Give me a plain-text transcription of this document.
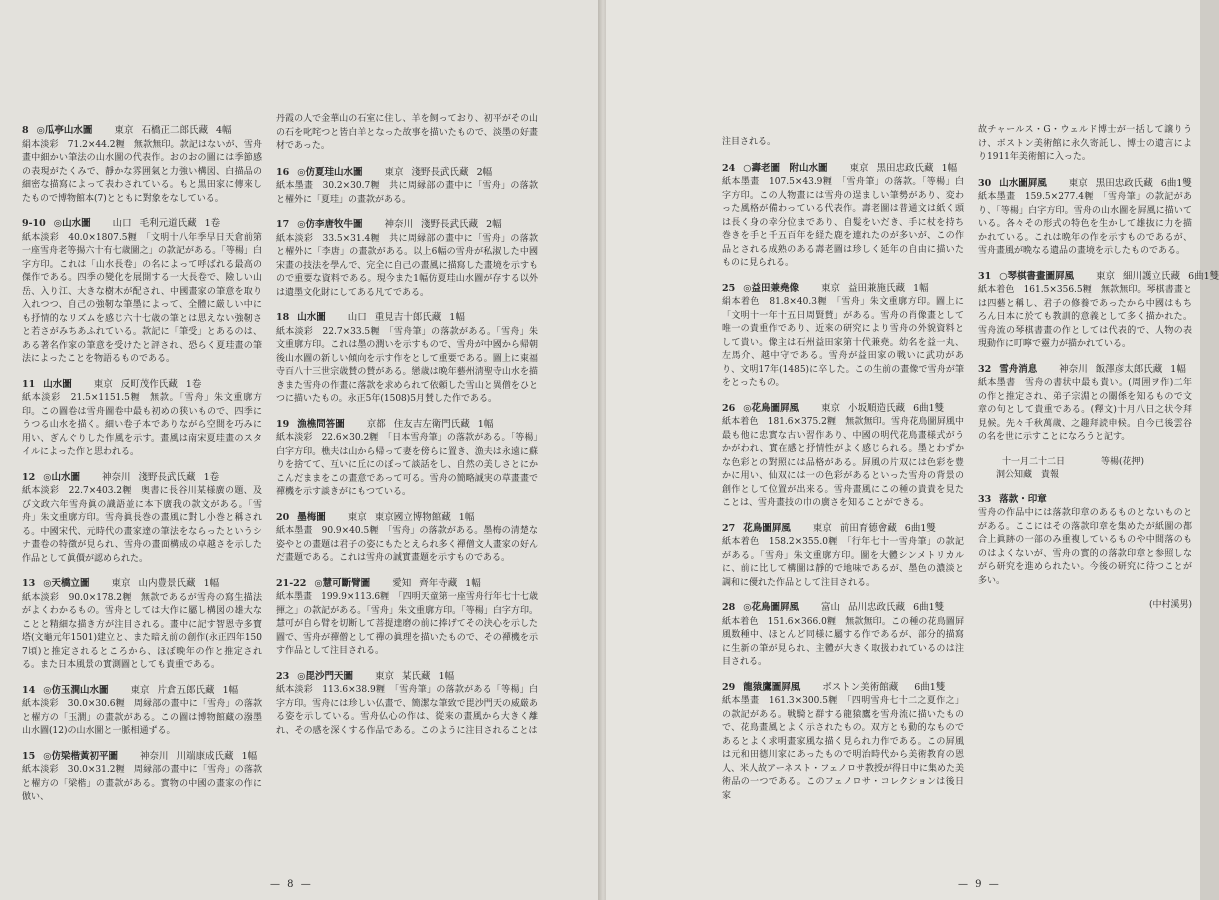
8 ◎瓜亭山水圖 東京 石橋正二郎氏藏 4幅
絹本淡彩　71.2×44.2糎　無款無印。款記はないが、雪舟畫中細かい筆法の山水圖の代表作。おのおの圖には季節感の表現がたくみで、靜かな雰囲氣と力強い構図、白描品の細密な描寫によって表わされている。もと黒田家に傳來したもので博物館本(7)とともに對象をなしている。
9-10 ◎山水圖 山口 毛利元道氏藏 1卷
紙本淡彩　40.0×1807.5糎　「文明十八年季早日天倉前第一座雪舟老等揚六十有七歳圖之」の款記がある。「等楊」白字方印。これは「山水長卷」の名によって呼ばれる最高の傑作である。四季の變化を展開する一大長卷で、險しい山岳、入り江、大きな樹木が配され、中國畫家の筆意を取り入れつつ、自己の強靭な筆墨によって、全體に厳しい中にも抒情的なリズムを感じ六十七歳の筆とは思えない強靭さと若さがみちあふれている。款記に「筆受」とあるのは、ある著名作家の筆意を受けたと評され、恐らく夏珪畫の筆法によったことを物語るものである。
11 山水圖 東京 反町茂作氏藏 1卷
紙本淡彩　21.5×1151.5糎　無款。「雪舟」朱文重廓方印。この圖卷は雪舟圖卷中最も初めの狭いもので、四季にうつる山水を描く。細い卷子本でありながら空間を巧みに用い、ぎんぐりした作風を示す。畫風は南宋夏珪畫のスタイルによった作と思われる。
12 ◎山水圖 神奈川 淺野長武氏藏 1卷
紙本淡彩　22.7×403.2糎　奥書に長谷川某様廣の題、及び文政六年雪舟眞の識語並に本下廣我の款文がある。「雪舟」朱文重廓方印。雪舟眞長巻の畫風に對し小巻と稱される。中國宋代、元時代の畫家達の筆法をならったというシナ畫卷の特徴が見られ、雪舟の畫面構成の卓越さを示した作品として眞價が認められた。
13 ◎天橋立圖 東京 山内豊景氏藏 1幅
紙本淡彩　90.0×178.2糎　無款であるが雪舟の寫生描法がよくわかるもの。雪舟としては大作に屬し構図の雄大なことと精細な描き方が注目される。畫中に記す智恩寺多寶塔(文龜元年1501)建立と、また暗え前の創作(永正四年1507頃)と推定されるところから、ほぼ晩年の作と推定される。また日本風景の實測圖としても貴重である。
14 ◎仿玉澗山水圖 東京 片倉五郎氏藏 1幅
紙本淡彩　30.0×30.6糎　周縁部の畫中に「雪舟」の落款と櫂方の「玉澗」の畫款がある。この圖は博物館藏の潑墨山水圖(12)の山水圖と一脈相通ずる。
15 ◎仿梁楷黃初平圖 神奈川 川端康成氏藏 1幅
紙本淡彩　30.0×31.2糎　周縁部の畫中に「雪舟」の落款と櫂方の「梁楷」の畫款がある。實物の中國の畫家の作に倣い、
丹霞の人で金華山の石室に住し、羊を飼っており、初平がその山の石を叱咤つと皆白羊となった故事を描いたもので、淡墨の好畫材であった。
16 ◎仿夏珪山水圖 東京 淺野長武氏藏 2幅
紙本墨畫　30.2×30.7糎　共に周縁部の畫中に「雪舟」の落款と櫂外に「夏珪」の畫款がある。
17 ◎仿李唐牧牛圖 神奈川 淺野長武氏藏 2幅
紙本淡彩　33.5×31.4糎　共に周縁部の畫中に「雪舟」の落款と櫂外に「李唐」の畫款がある。以上6幅の雪舟が私淑した中國宋畫の技法を學んで、完全に自己の畫風に描寫した畫境を示すもので重要な資料である。現今また1幅仿夏珪山水圖が存する以外は遺墨文化財にしてある凡てである。
18 山水圖 山口 重見吉十郎氏藏 1幅
紙本淡彩　22.7×33.5糎　「雪舟筆」の落款がある。「雪舟」朱文重廓方印。これは墨の潤いを示すもので、雪舟が中國から帰朝後山水圖の新しい傾向を示す作をとして重要である。圖上に東福寺百八十三世宗歳賛の賛がある。戀歳は晩年藝州淸聖寺山水を描きまた雪舟の作畫に落款を求められて依頼した雪山と異僧をひとつに描いたもの。永正5年(1508)5月賛した作である。
19 漁樵問答圖 京都 住友吉左衛門氏藏 1幅
紙本淡彩　22.6×30.2糎　「日本雪舟筆」の落款がある。「等楊」白字方印。樵夫は山から帰って妻を傍らに置き、漁夫は永遠に蘇りを捨てて、互いに丘にのぼって談話をし、自然の美しさとにかこんだままをこの畫意であって可る。雪舟の簡略誠実の草畫畫で禪機を示す談きがにもつている。
20 墨梅圖 東京 東京國立博物館藏 1幅
紙本墨畫　90.9×40.5糎　「雪舟」の落款がある。墨梅の清楚な姿やとの畫題は君子の姿にもたとえられ多く禪僧文人畫家の好んだ畫題である。これは雪舟の誠實畫題を示すものである。
21-22 ◎慧可斷臂圖 愛知 齊年寺藏 1幅
紙本墨畫　199.9×113.6糎　「四明天童第一座雪舟行年七十七歳揮之」の款記がある。「雪舟」朱文重廓方印。「等楊」白字方印。慧可が自ら臂を切断して菩提達磨の前に捧げてその決心を示した圖で、雪舟が禪僧として禪の眞理を描いたもので、その禪機を示す作品として注目される。
23 ◎毘沙門天圖 東京 某氏藏 1幅
紙本淡彩　113.6×38.9糎　「雪舟筆」の落款がある「等楊」白字方印。雪舟には珍しい仏畫で、簡潔な筆致で毘沙門天の威厳ある姿を示している。雪舟仏心の作は、從來の畫風から大きく離れ、その感を深くする作品である。このように注目されることは
— 8 —
注目される。
24 ○壽老圖　附山水圖 東京 黒田忠政氏藏 1幅
紙本墨畫　107.5×43.9糎　「雪舟筆」の落款。「等楊」白字方印。この人物畫には雪舟の逞ましい筆勢があり、変わった風格が備わっている代表作。壽老圖は普通文は紙く頭は長く身の幸分位まであり、自髮をいだき、手に杖を持ち巻きを手と千五百年を経た鹿を連れたのが多いが、この作品とされる成熟のある壽老圖は珍しく延年の自由に描いたものに見られる。
25 ◎益田兼堯像 東京 益田兼施氏藏 1幅
絹本着色　81.8×40.3糎　「雪舟」朱文重廓方印。圖上に「文明十一年十五日周賢賛」がある。雪舟の肖像畫として唯一の貴重作であり、近來の研究により雪舟の外貌資料として貴い。像主は石州益田家第十代兼堯。幼名を益一丸、左馬介、越中守である。雪舟が益田家の戦いに武功があり、文明17年(1485)に卒した。この生前の畫像で雪舟が筆をとったもの。
26 ◎花鳥圖屛風 東京 小坂順造氏藏 6曲1雙
紙本着色　181.6×375.2糎　無款無印。雪舟花鳥圖屛風中最も他に忠實な古い習作あり、中國の明代花鳥畫様式がうかがわれ、實在感と抒情性がよく感じられる。墨とわずかな色彩との對照には品格がある。屛風の片双には色彩を豊かに用い、仙双には一の色彩があるといった雪舟の背景の創作として位置が出来る。雪舟畫風にこの種の貴貴を見たことは、雪舟畫技の巾の廣さを知ることができる。
27 花鳥圖屛風 東京 前田育德會藏 6曲1雙
紙本着色　158.2×355.0糎　「行年七十一雪舟筆」の款記がある。「雪舟」朱文重廓方印。圖を大體シンメトリカルに、前に比して構圖は靜的で地味であるが、墨色の濃淡と調和に優れた作品として注目される。
28 ◎花鳥圖屛風 富山 品川忠政氏藏 6曲1雙
紙本着色　151.6×366.0糎　無款無印。この種の花鳥圖屛風数種中、ほとんど同様に屬する作であるが、部分的描寫に生新の筆が見られ、主體が大きく取扱われているのは注目される。
29 龍猿鷹圖屛風 ボストン美術館藏 6曲1雙
紙本墨畫　161.3×300.5糎　「四明雪舟七十二之夏作之」の款記がある。戦騎と群する龍猿鷹を雪舟流に描いたもので、花鳥畫風とよく示されたもの。双方とも動的なものであるとよく求明畫家風な描く見られ力作である。この屛風は元和田德川家にあったもので明治時代から美術教育の恩人、米人故アーネスト・フェノロサ教授が得日中に集めた美術品の一つである。このフェノロサ・コレクションは後日家
故チャールス・G・ウェルド博士が一括して譲りうけ、ボストン美術館に永久寄託し、博士の遺言により1911年美術館に入った。
30 山水圖屛風 東京 黒田忠政氏藏 6曲1雙
紙本墨畫　159.5×277.4糎　「雪舟筆」の款記があり、「等楊」白字方印。雪舟の山水圖を屛風に描いている。各々その形式の特色を生かして雄抜に力を描かれている。これは晩年の作を示すものであるが、雪舟畫風が晩なる遺品の畫境を示したものである。
31 ○琴棋書畫圖屛風 東京 細川護立氏藏 6曲1雙
紙本着色　161.5×356.5糎　無款無印。琴棋書畫とは四藝と稱し、君子の修養であったから中國はもちろん日本に於ても教訓的意義として多く描かれた。雪舟流の琴棋書畫の作としては代表的で、人物の表現動作に叮嚀で靈力が描かれている。
32 雪舟消息 神奈川 飯澤彦太郎氏藏 1幅
紙本墨書　雪舟の書状中最も貴い。(周囲ヲ作)二年の作と推定され、弟子宗淵との關係を知るもので文章の句として貴重である。(釋文)十月八日之状令拜見候。先々千秋萬歲、之趣拜読申候。自今已後雲谷の名を世に示すことになろうと記す。
十一月二十二日　　　　等楊(花押)
洞公知藏　貴報
33 落款・印章
雪舟の作品中には落款印章のあるものとないものとがある。ここにはその落款印章を集めたが紙圖の都合上眞跡の一部のみ重複しているものや中間落のものはよくないが、雪舟の實的の落款印章と参照しながら研究を進められたい。今後の研究に待つことが多い。
(中村溪男)
— 9 —
